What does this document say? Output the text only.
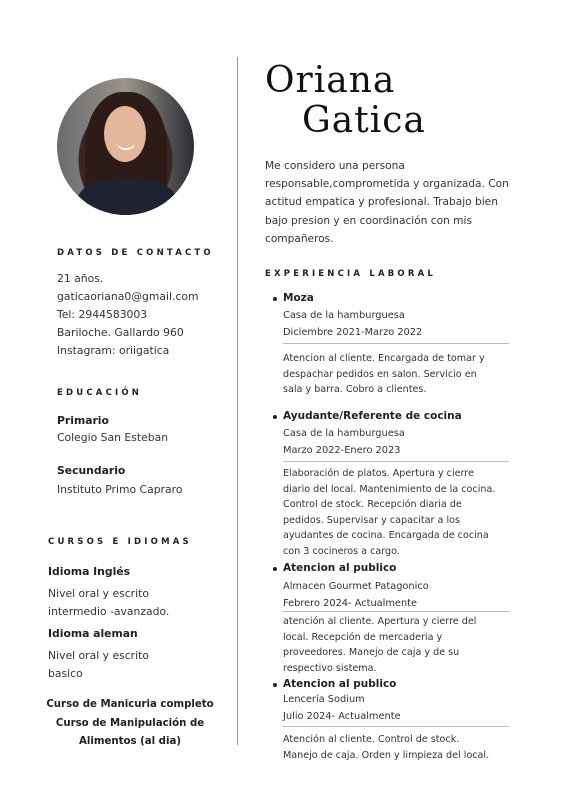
DATOS DE CONTACTO
21 años.
gaticaoriana0@gmail.com
Tel: 2944583003
Bariloche. Gallardo 960
Instagram: oriigatica
EDUCACIÓN
Primario
Colegio San Esteban
Secundario
Instituto Primo Capraro
CURSOS E IDIOMAS
Idioma Inglés
Nivel oral y escrito
intermedio -avanzado.
Idioma aleman
Nivel oral y escrito
basico
Curso de Manicuria completo
Curso de Manipulación de
Alimentos (al dia)
Oriana
Gatica
Me considero una persona responsable,comprometida y organizada. Con actitud empatica y profesional. Trabajo bien bajo presion y en coordinación con mis compañeros.
EXPERIENCIA LABORAL
Moza
Casa de la hamburguesa
Diciembre 2021-Marzo 2022
Atencion al cliente. Encargada de tomar y
despachar pedidos en salon. Servicio en
sala y barra. Cobro a clientes.
Ayudante/Referente de cocina
Casa de la hamburguesa
Marzo 2022-Enero 2023
Elaboración de platos. Apertura y cierre
diario del local. Mantenimiento de la cocina.
Control de stock. Recepción diaria de
pedidos. Supervisar y capacitar a los
ayudantes de cocina. Encargada de cocina
con 3 cocineros a cargo.
Atencion al publico
Almacen Gourmet Patagonico
Febrero 2024- Actualmente
atención al cliente. Apertura y cierre del
local. Recepción de mercaderia y
proveedores. Manejo de caja y de su
respectivo sistema.
Atencion al publico
Lencería Sodium
Julio 2024- Actualmente
Atención al cliente. Control de stock.
Manejo de caja. Orden y limpieza del local.
